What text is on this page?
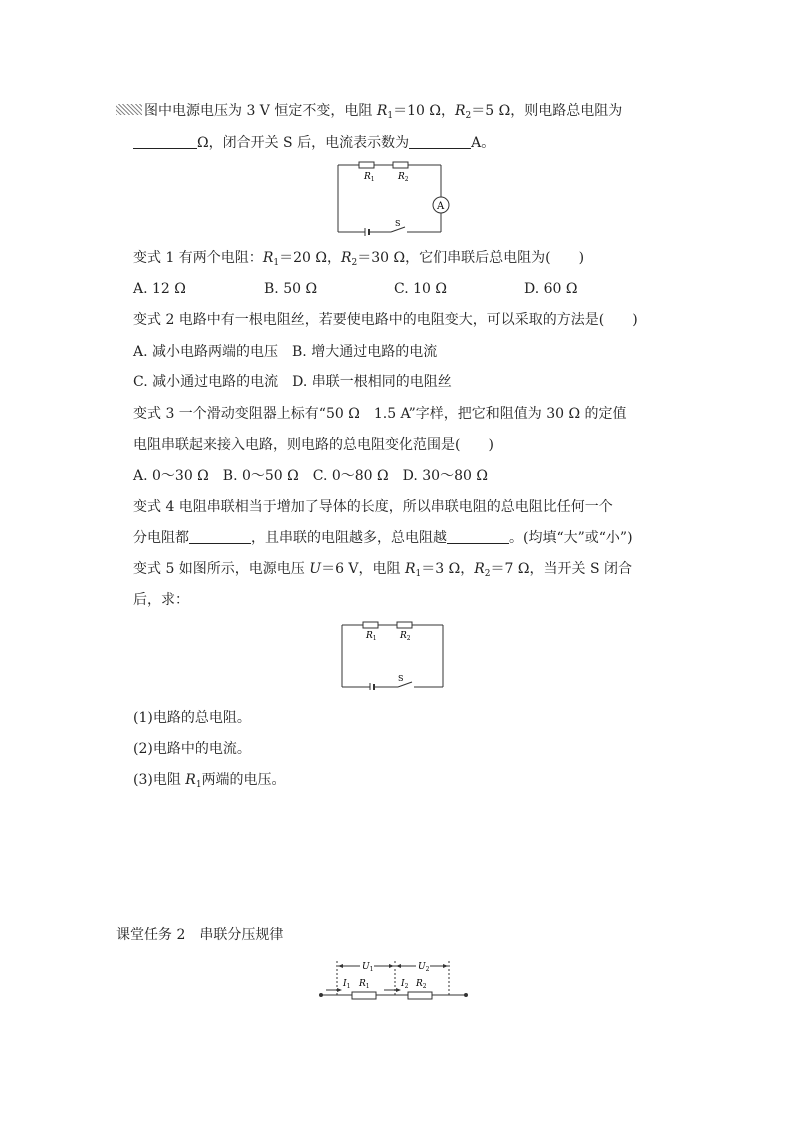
图中电源电压为 3 V 恒定不变，电阻 $R_1=10$ Ω，$R_2=5$ Ω，则电路总电阻为
Ω，闭合开关 S 后，电流表示数为	A。
$R_1$	$R_2$
A
S
变式 1 有两个电阻：$R_1=20$ Ω，$R_2=30$ Ω，它们串联后总电阻为(　　)
A. 12 Ω	B. 50 Ω	C. 10 Ω	D. 60 Ω
变式 2 电路中有一根电阻丝，若要使电路中的电阻变大，可以采取的方法是(　　)
A. 减小电路两端的电压　B. 增大通过电路的电流
C. 减小通过电路的电流　D. 串联一根相同的电阻丝
变式 3 一个滑动变阻器上标有“50 Ω　1.5 A”字样，把它和阻值为 30 Ω 的定值
电阻串联起来接入电路，则电路的总电阻变化范围是(　　)
A. 0～30 Ω　B. 0～50 Ω　C. 0～80 Ω　D. 30～80 Ω
变式 4 电阻串联相当于增加了导体的长度，所以串联电阻的总电阻比任何一个
分电阻都	，且串联的电阻越多，总电阻越	。(均填“大”或“小”)
变式 5 如图所示，电源电压 U＝6 V，电阻 $R_1=3$ Ω，$R_2=7$ Ω，当开关 S 闭合
后，求：
$R_1$	$R_2$
S
(1)电路的总电阻。
(2)电路中的电流。
(3)电阻 $R_1$两端的电压。
课堂任务 2　串联分压规律
$U_1$	$U_2$
$I_1$ $R_1$	$I_2$ $R_2$
